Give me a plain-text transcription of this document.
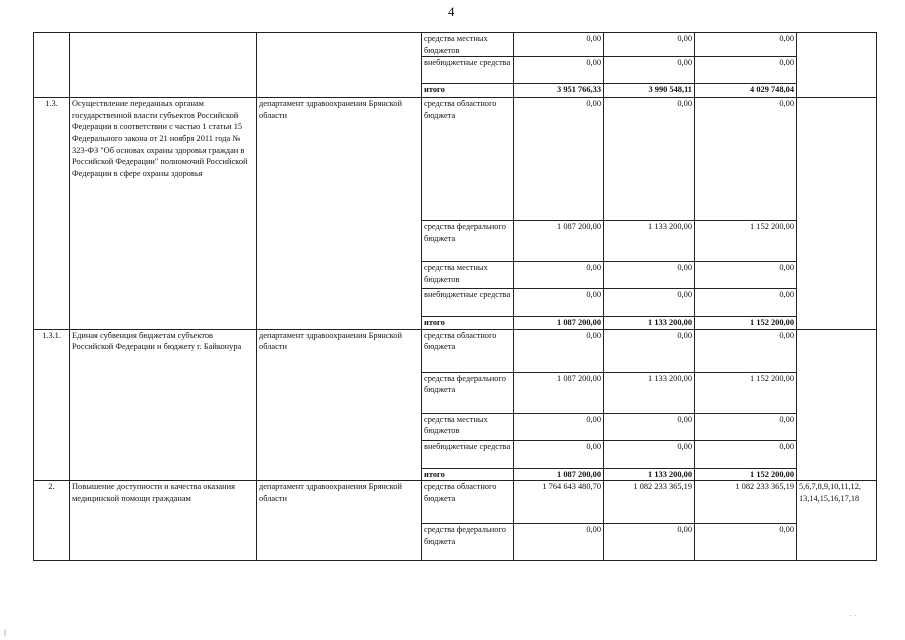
4
			средства местных бюджетов	0,00	0,00	0,00	
			внебюджетные средства	0,00	0,00	0,00	
			итого	3 951 766,33	3 990 548,11	4 029 748,04	
1.3.	Осуществление переданных органам государственной власти субъектов Российской Федерации в соответствии с частью 1 статьи 15 Федерального закона от 21 ноября 2011 года № 323-ФЗ "Об основах охраны здоровья граждан в Российской Федерации" полномочий Российской Федерации в сфере охраны здоровья	департамент здравоохранения Брянской области	средства областного бюджета	0,00	0,00	0,00	
			средства федерального бюджета	1 087 200,00	1 133 200,00	1 152 200,00	
			средства местных бюджетов	0,00	0,00	0,00	
			внебюджетные средства	0,00	0,00	0,00	
			итого	1 087 200,00	1 133 200,00	1 152 200,00	
1.3.1.	Единая субвенция бюджетам субъектов Российской Федерации и бюджету г. Байконура	департамент здравоохранения Брянской области	средства областного бюджета	0,00	0,00	0,00	
			средства федерального бюджета	1 087 200,00	1 133 200,00	1 152 200,00	
			средства местных бюджетов	0,00	0,00	0,00	
			внебюджетные средства	0,00	0,00	0,00	
			итого	1 087 200,00	1 133 200,00	1 152 200,00	
2.	Повышение доступности и качества оказания медицинской помощи гражданам	департамент здравоохранения Брянской области	средства областного бюджета	1 764 643 480,70	1 082 233 365,19	1 082 233 365,19	5,6,7,8,9,10,11,12, 13,14,15,16,17,18
			средства федерального бюджета	0,00	0,00	0,00	
· ·
|
